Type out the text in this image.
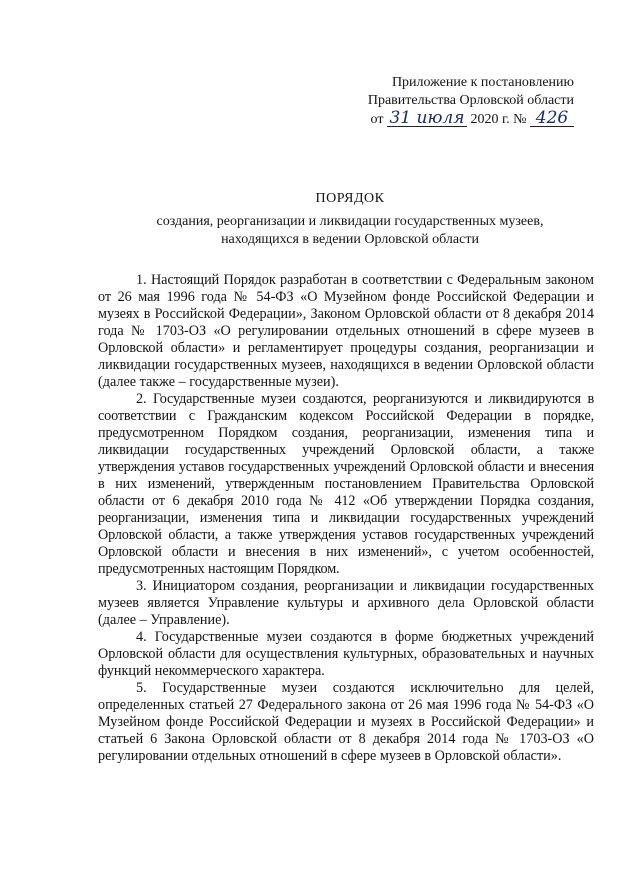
Приложение к постановлению
Правительства Орловской области
от 31 июля 2020 г. № 426
ПОРЯДОК
создания, реорганизации и ликвидации государственных музеев,
находящихся в ведении Орловской области

1. Настоящий Порядок разработан в соответствии с Федеральным законом от 26 мая 1996 года № 54-ФЗ «О Музейном фонде Российской Федерации и музеях в Российской Федерации», Законом Орловской области от 8 декабря 2014 года № 1703-ОЗ «О регулировании отдельных отношений в сфере музеев в Орловской области» и регламентирует процедуры создания, реорганизации и ликвидации государственных музеев, находящихся в ведении Орловской области (далее также – государственные музеи).

2. Государственные музеи создаются, реорганизуются и ликвидируются в соответствии с Гражданским кодексом Российской Федерации в порядке, предусмотренном Порядком создания, реорганизации, изменения типа и ликвидации государственных учреждений Орловской области, а также утверждения уставов государственных учреждений Орловской области и внесения в них изменений, утвержденным постановлением Правительства Орловской области от 6 декабря 2010 года № 412 «Об утверждении Порядка создания, реорганизации, изменения типа и ликвидации государственных учреждений Орловской области, а также утверждения уставов государственных учреждений Орловской области и внесения в них изменений», с учетом особенностей, предусмотренных настоящим Порядком.

3. Инициатором создания, реорганизации и ликвидации государственных музеев является Управление культуры и архивного дела Орловской области (далее – Управление).

4. Государственные музеи создаются в форме бюджетных учреждений Орловской области для осуществления культурных, образовательных и научных функций некоммерческого характера.

5. Государственные музеи создаются исключительно для целей, определенных статьей 27 Федерального закона от 26 мая 1996 года № 54-ФЗ «О Музейном фонде Российской Федерации и музеях в Российской Федерации» и статьей 6 Закона Орловской области от 8 декабря 2014 года № 1703-ОЗ «О регулировании отдельных отношений в сфере музеев в Орловской области».
